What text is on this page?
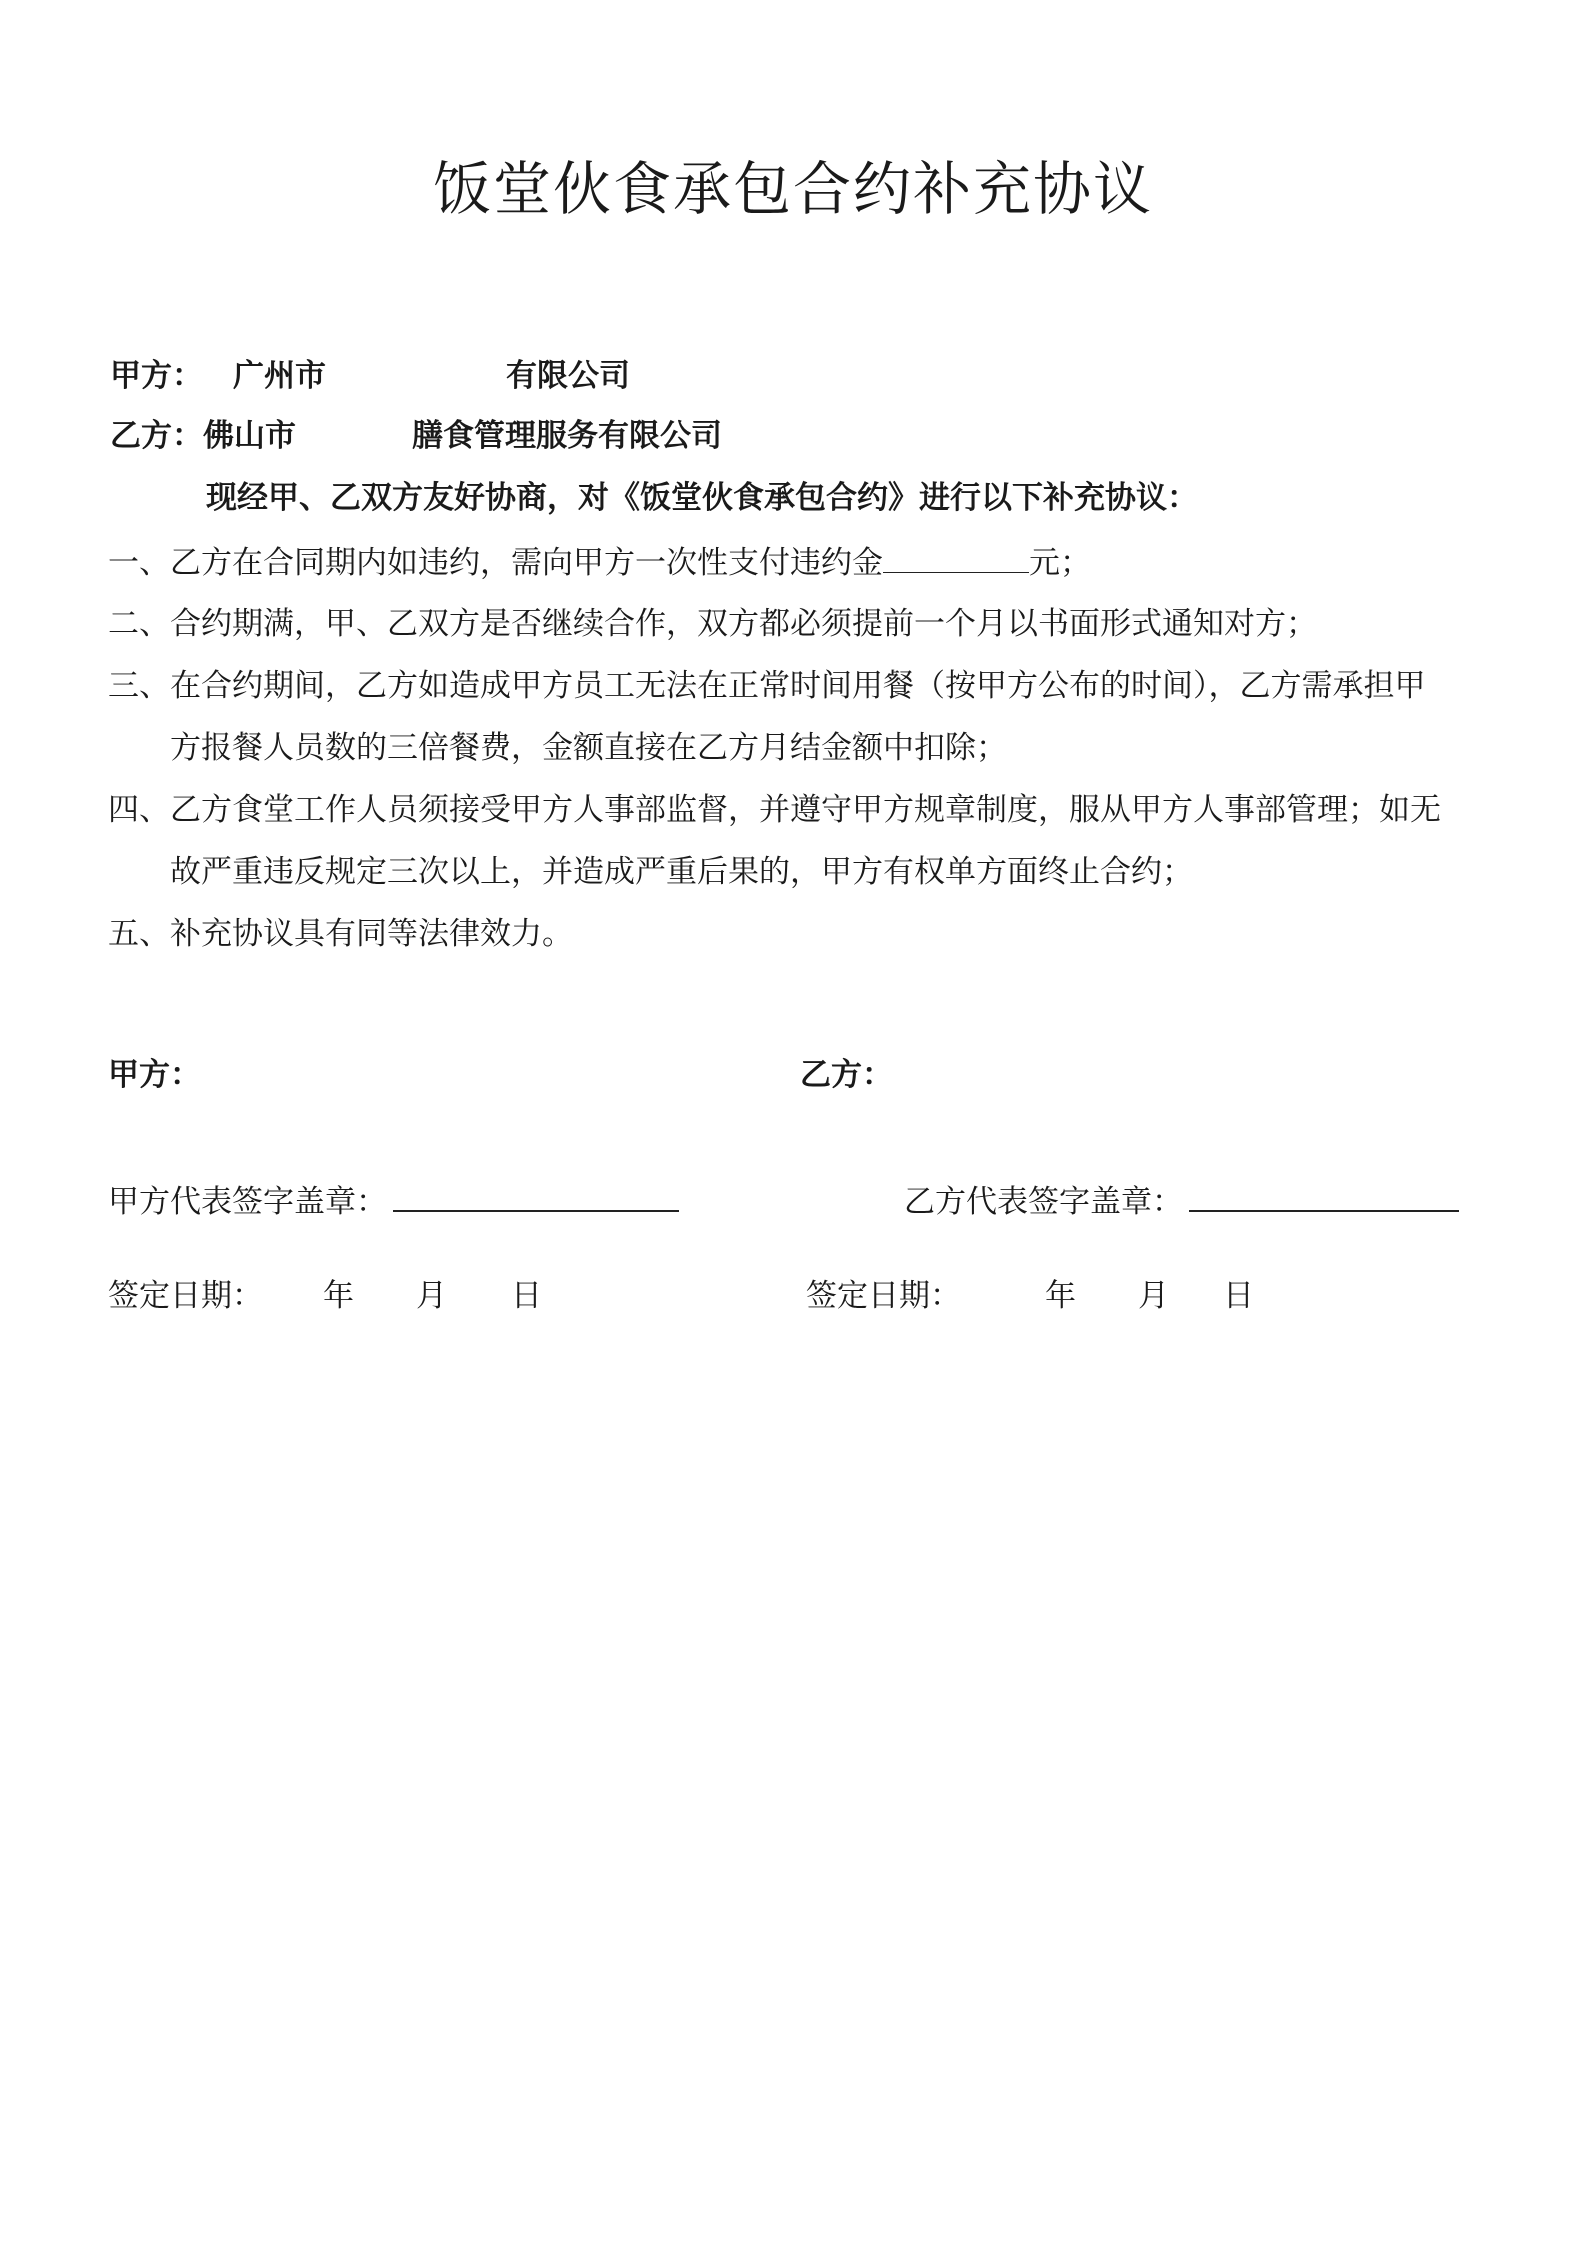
饭堂伙食承包合约补充协议
甲方： 广州市	有限公司
乙方：佛山市	膳食管理服务有限公司
现经甲、乙双方友好协商，对《饭堂伙食承包合约》进行以下补充协议：
一、乙方在合同期内如违约，需向甲方一次性支付违约金	元；
二、合约期满，甲、乙双方是否继续合作，双方都必须提前一个月以书面形式通知对方；
三、在合约期间，乙方如造成甲方员工无法在正常时间用餐（按甲方公布的时间），乙方需承担甲
方报餐人员数的三倍餐费，金额直接在乙方月结金额中扣除；
四、乙方食堂工作人员须接受甲方人事部监督，并遵守甲方规章制度，服从甲方人事部管理；如无
故严重违反规定三次以上，并造成严重后果的，甲方有权单方面终止合约；
五、补充协议具有同等法律效力。
甲方：	乙方：
甲方代表签字盖章：	乙方代表签字盖章：
签定日期： 年 月 日	签定日期：	年 月 日
